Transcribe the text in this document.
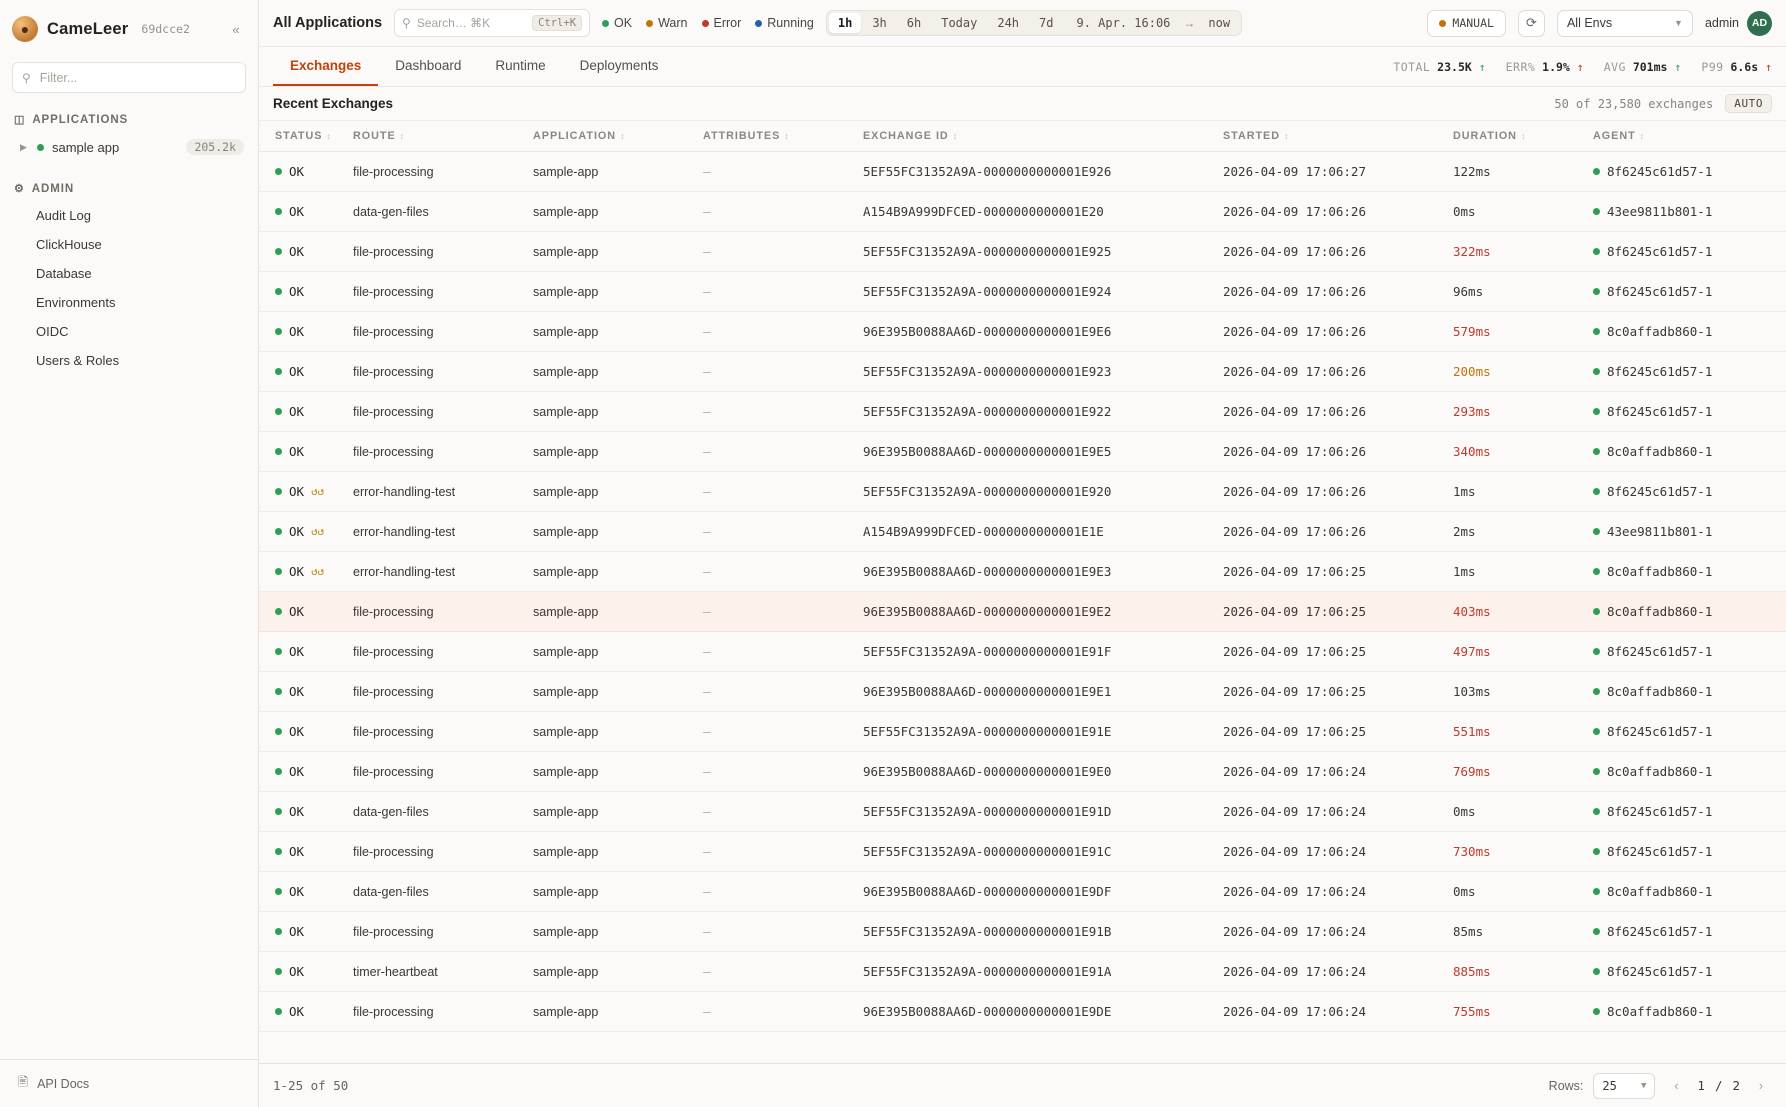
●	CameLeer 69dcce2	«
⚲
Filter...
◫ APPLICATIONS
▶ sample app	205.2k
⚙ ADMIN
Audit Log
ClickHouse
Database
Environments
OIDC
Users & Roles
🖹 API Docs
All Applications ⚲ Search… ⌘K	Ctrl+K	OK Warn Error Running	1h	3h	6h	Today	24h	7d	9. Apr. 16:06	→	now	MANUAL	⟳	All Envs	▼ admin	AD
Exchanges	Dashboard	Runtime	Deployments	TOTAL 23.5K ↑ ERR% 1.9% ↑ AVG 701ms ↑ P99 6.6s ↑
Recent Exchanges	50 of 23,580 exchanges	AUTO
STATUS ↕	ROUTE ↕	APPLICATION ↕	ATTRIBUTES ↕	EXCHANGE ID ↕	STARTED ↕	DURATION ↕	AGENT ↕

OK	file-processing	sample-app	—	5EF55FC31352A9A-0000000000001E926	2026-04-09 17:06:27	122ms	8f6245c61d57-1

OK	data-gen-files	sample-app	—	A154B9A999DFCED-0000000000001E20	2026-04-09 17:06:26	0ms	43ee9811b801-1

OK	file-processing	sample-app	—	5EF55FC31352A9A-0000000000001E925	2026-04-09 17:06:26	322ms	8f6245c61d57-1

OK	file-processing	sample-app	—	5EF55FC31352A9A-0000000000001E924	2026-04-09 17:06:26	96ms	8f6245c61d57-1

OK	file-processing	sample-app	—	96E395B0088AA6D-0000000000001E9E6	2026-04-09 17:06:26	579ms	8c0affadb860-1

OK	file-processing	sample-app	—	5EF55FC31352A9A-0000000000001E923	2026-04-09 17:06:26	200ms	8f6245c61d57-1

OK	file-processing	sample-app	—	5EF55FC31352A9A-0000000000001E922	2026-04-09 17:06:26	293ms	8f6245c61d57-1

OK	file-processing	sample-app	—	96E395B0088AA6D-0000000000001E9E5	2026-04-09 17:06:26	340ms	8c0affadb860-1

OK ↺↺	error-handling-test	sample-app	—	5EF55FC31352A9A-0000000000001E920	2026-04-09 17:06:26	1ms	8f6245c61d57-1

OK ↺↺	error-handling-test	sample-app	—	A154B9A999DFCED-0000000000001E1E	2026-04-09 17:06:26	2ms	43ee9811b801-1

OK ↺↺	error-handling-test	sample-app	—	96E395B0088AA6D-0000000000001E9E3	2026-04-09 17:06:25	1ms	8c0affadb860-1

OK	file-processing	sample-app	—	96E395B0088AA6D-0000000000001E9E2	2026-04-09 17:06:25	403ms	8c0affadb860-1

OK	file-processing	sample-app	—	5EF55FC31352A9A-0000000000001E91F	2026-04-09 17:06:25	497ms	8f6245c61d57-1

OK	file-processing	sample-app	—	96E395B0088AA6D-0000000000001E9E1	2026-04-09 17:06:25	103ms	8c0affadb860-1

OK	file-processing	sample-app	—	5EF55FC31352A9A-0000000000001E91E	2026-04-09 17:06:25	551ms	8f6245c61d57-1

OK	file-processing	sample-app	—	96E395B0088AA6D-0000000000001E9E0	2026-04-09 17:06:24	769ms	8c0affadb860-1

OK	data-gen-files	sample-app	—	5EF55FC31352A9A-0000000000001E91D	2026-04-09 17:06:24	0ms	8f6245c61d57-1

OK	file-processing	sample-app	—	5EF55FC31352A9A-0000000000001E91C	2026-04-09 17:06:24	730ms	8f6245c61d57-1

OK	data-gen-files	sample-app	—	96E395B0088AA6D-0000000000001E9DF	2026-04-09 17:06:24	0ms	8c0affadb860-1

OK	file-processing	sample-app	—	5EF55FC31352A9A-0000000000001E91B	2026-04-09 17:06:24	85ms	8f6245c61d57-1

OK	timer-heartbeat	sample-app	—	5EF55FC31352A9A-0000000000001E91A	2026-04-09 17:06:24	885ms	8f6245c61d57-1

OK	file-processing	sample-app	—	96E395B0088AA6D-0000000000001E9DE	2026-04-09 17:06:24	755ms	8c0affadb860-1
1-25 of 50	Rows: 25	▼	‹	1 / 2	›
